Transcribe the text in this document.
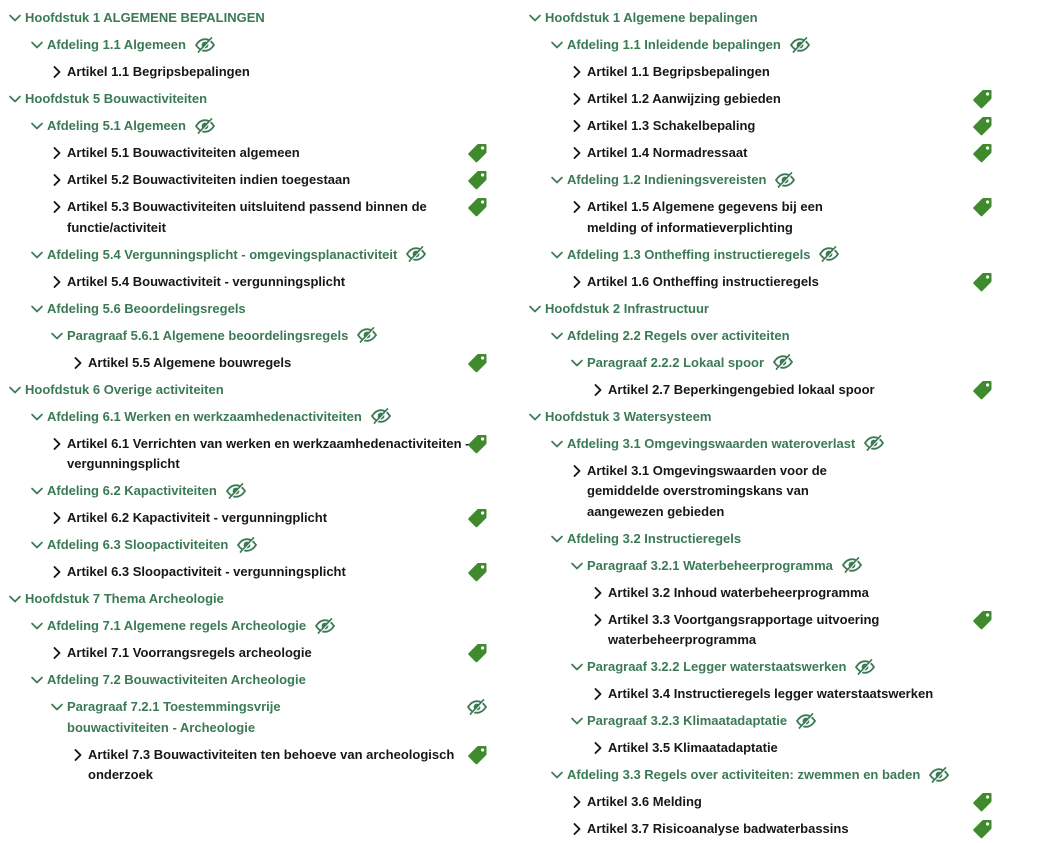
Hoofdstuk 1 ALGEMENE BEPALINGEN
Afdeling 1.1 Algemeen
Artikel 1.1 Begripsbepalingen
Hoofdstuk 5 Bouwactiviteiten
Afdeling 5.1 Algemeen
Artikel 5.1 Bouwactiviteiten algemeen
Artikel 5.2 Bouwactiviteiten indien toegestaan
Artikel 5.3 Bouwactiviteiten uitsluitend passend binnen de functie/activiteit
Afdeling 5.4 Vergunningsplicht - omgevingsplanactiviteit
Artikel 5.4 Bouwactiviteit - vergunningsplicht
Afdeling 5.6 Beoordelingsregels
Paragraaf 5.6.1 Algemene beoordelingsregels
Artikel 5.5 Algemene bouwregels
Hoofdstuk 6 Overige activiteiten
Afdeling 6.1 Werken en werkzaamhedenactiviteiten
Artikel 6.1 Verrichten van werken en werkzaamhedenactiviteiten - vergunningsplicht
Afdeling 6.2 Kapactiviteiten
Artikel 6.2 Kapactiviteit - vergunningplicht
Afdeling 6.3 Sloopactiviteiten
Artikel 6.3 Sloopactiviteit - vergunningsplicht
Hoofdstuk 7 Thema Archeologie
Afdeling 7.1 Algemene regels Archeologie
Artikel 7.1 Voorrangsregels archeologie
Afdeling 7.2 Bouwactiviteiten Archeologie
Paragraaf 7.2.1 Toestemmingsvrije bouwactiviteiten - Archeologie
Artikel 7.3 Bouwactiviteiten ten behoeve van archeologisch onderzoek
Hoofdstuk 1 Algemene bepalingen
Afdeling 1.1 Inleidende bepalingen
Artikel 1.1 Begripsbepalingen
Artikel 1.2 Aanwijzing gebieden
Artikel 1.3 Schakelbepaling
Artikel 1.4 Normadressaat
Afdeling 1.2 Indieningsvereisten
Artikel 1.5 Algemene gegevens bij een melding of informatieverplichting
Afdeling 1.3 Ontheffing instructieregels
Artikel 1.6 Ontheffing instructieregels
Hoofdstuk 2 Infrastructuur
Afdeling 2.2 Regels over activiteiten
Paragraaf 2.2.2 Lokaal spoor
Artikel 2.7 Beperkingengebied lokaal spoor
Hoofdstuk 3 Watersysteem
Afdeling 3.1 Omgevingswaarden wateroverlast
Artikel 3.1 Omgevingswaarden voor de gemiddelde overstromingskans van aangewezen gebieden
Afdeling 3.2 Instructieregels
Paragraaf 3.2.1 Waterbeheerprogramma
Artikel 3.2 Inhoud waterbeheerprogramma
Artikel 3.3 Voortgangsrapportage uitvoering waterbeheerprogramma
Paragraaf 3.2.2 Legger waterstaatswerken
Artikel 3.4 Instructieregels legger waterstaatswerken
Paragraaf 3.2.3 Klimaatadaptatie
Artikel 3.5 Klimaatadaptatie
Afdeling 3.3 Regels over activiteiten: zwemmen en baden
Artikel 3.6 Melding
Artikel 3.7 Risicoanalyse badwaterbassins
